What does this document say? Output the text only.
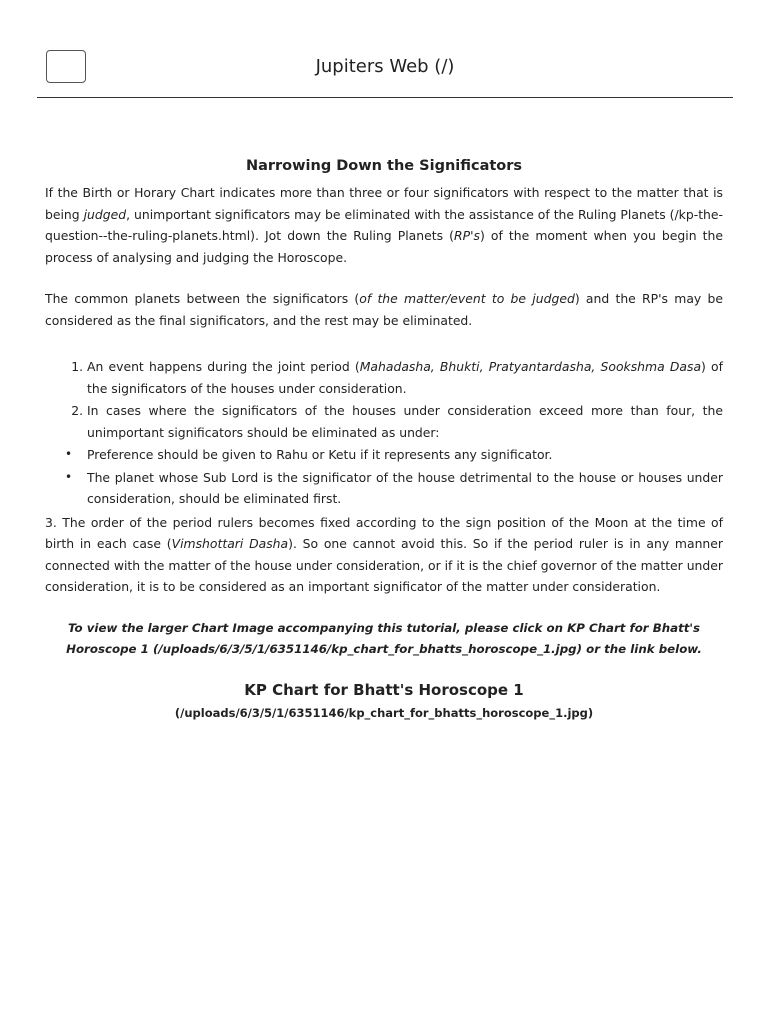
Jupiters Web (/)
Narrowing Down the Significators

If the Birth or Horary Chart indicates more than three or four significators with respect to the matter that is being judged, unimportant significators may be eliminated with the assistance of the Ruling Planets (/kp-the-question--the-ruling-planets.html). Jot down the Ruling Planets (RP's) of the moment when you begin the process of analysing and judging the Horoscope.

The common planets between the significators (of the matter/event to be judged) and the RP's may be considered as the final significators, and the rest may be eliminated.

1. An event happens during the joint period (Mahadasha, Bhukti, Pratyantardasha, Sookshma Dasa) of the significators of the houses under consideration.
2. In cases where the significators of the houses under consideration exceed more than four, the unimportant significators should be eliminated as under:
• Preference should be given to Rahu or Ketu if it represents any significator.
• The planet whose Sub Lord is the significator of the house detrimental to the house or houses under consideration, should be eliminated first.

3. The order of the period rulers becomes fixed according to the sign position of the Moon at the time of birth in each case (Vimshottari Dasha). So one cannot avoid this. So if the period ruler is in any manner connected with the matter of the house under consideration, or if it is the chief governor of the matter under consideration, it is to be considered as an important significator of the matter under consideration.

To view the larger Chart Image accompanying this tutorial, please click on KP Chart for Bhatt's Horoscope 1 (/uploads/6/3/5/1/6351146/kp_chart_for_bhatts_horoscope_1.jpg) or the link below.

KP Chart for Bhatt's Horoscope 1 (/uploads/6/3/5/1/6351146/kp_chart_for_bhatts_horoscope_1.jpg)
